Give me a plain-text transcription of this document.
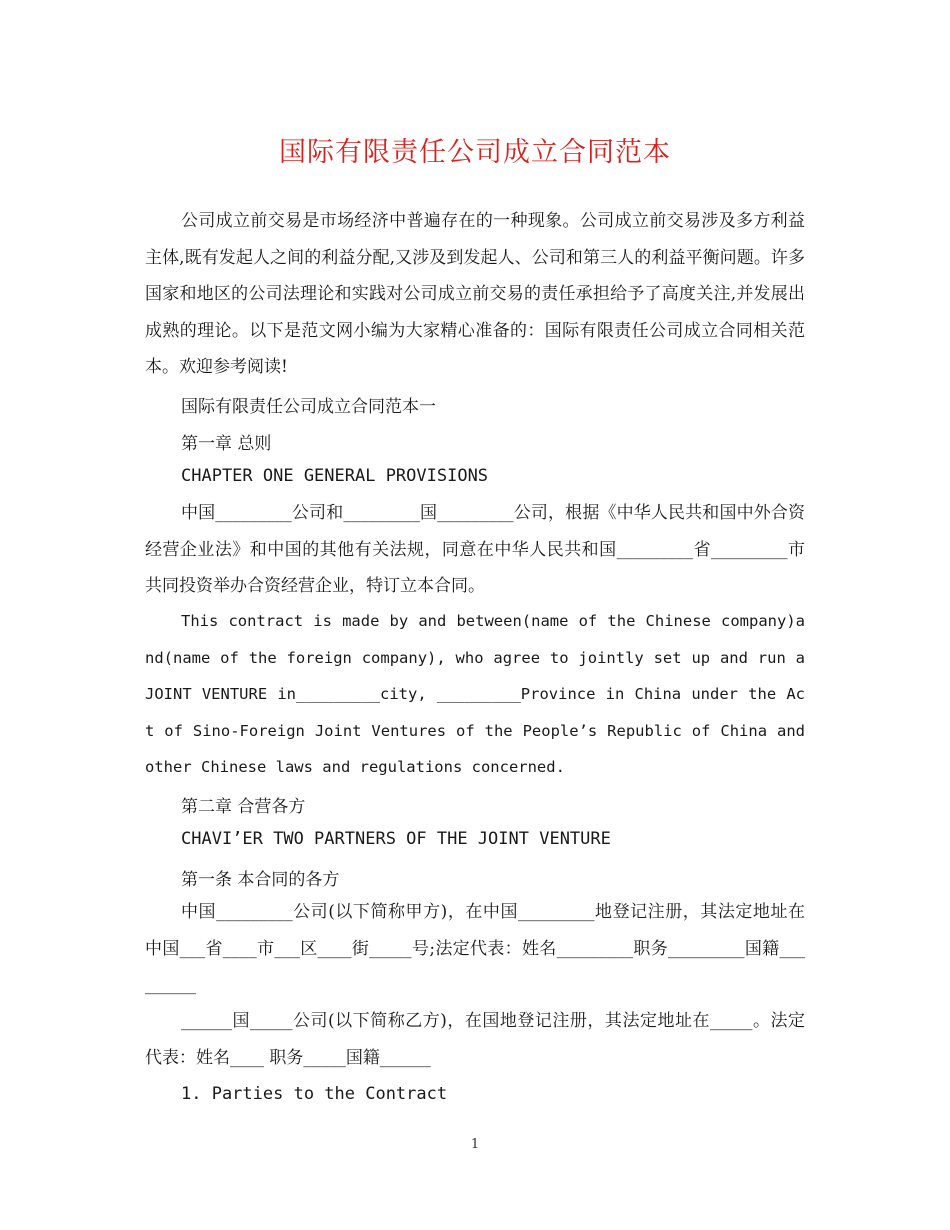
国际有限责任公司成立合同范本
公司成立前交易是市场经济中普遍存在的一种现象。公司成立前交易涉及多方利益主体,既有发起人之间的利益分配,又涉及到发起人、公司和第三人的利益平衡问题。许多国家和地区的公司法理论和实践对公司成立前交易的责任承担给予了高度关注,并发展出成熟的理论。以下是范文网小编为大家精心准备的：国际有限责任公司成立合同相关范本。欢迎参考阅读!
国际有限责任公司成立合同范本一
第一章 总则
CHAPTER ONE GENERAL PROVISIONS
中国_________公司和_________国_________公司，根据《中华人民共和国中外合资经营企业法》和中国的其他有关法规，同意在中华人民共和国_________省_________市共同投资举办合资经营企业，特订立本合同。
This contract is made by and between(name of the Chinese company)and(name of the foreign company), who agree to jointly set up and run a JOINT VENTURE in_________city, _________Province in China under the Act of Sino-Foreign Joint Ventures of the People’s Republic of China and other Chinese laws and regulations concerned.
第二章 合营各方
CHAVI’ER TWO PARTNERS OF THE JOINT VENTURE
第一条 本合同的各方
中国_________公司(以下简称甲方)，在中国_________地登记注册，其法定地址在中国___省____市___区____街_____号;法定代表：姓名_________职务_________国籍_________
______国_____公司(以下简称乙方)，在国地登记注册，其法定地址在_____。法定代表：姓名____ 职务_____国籍______
1. Parties to the Contract
1
